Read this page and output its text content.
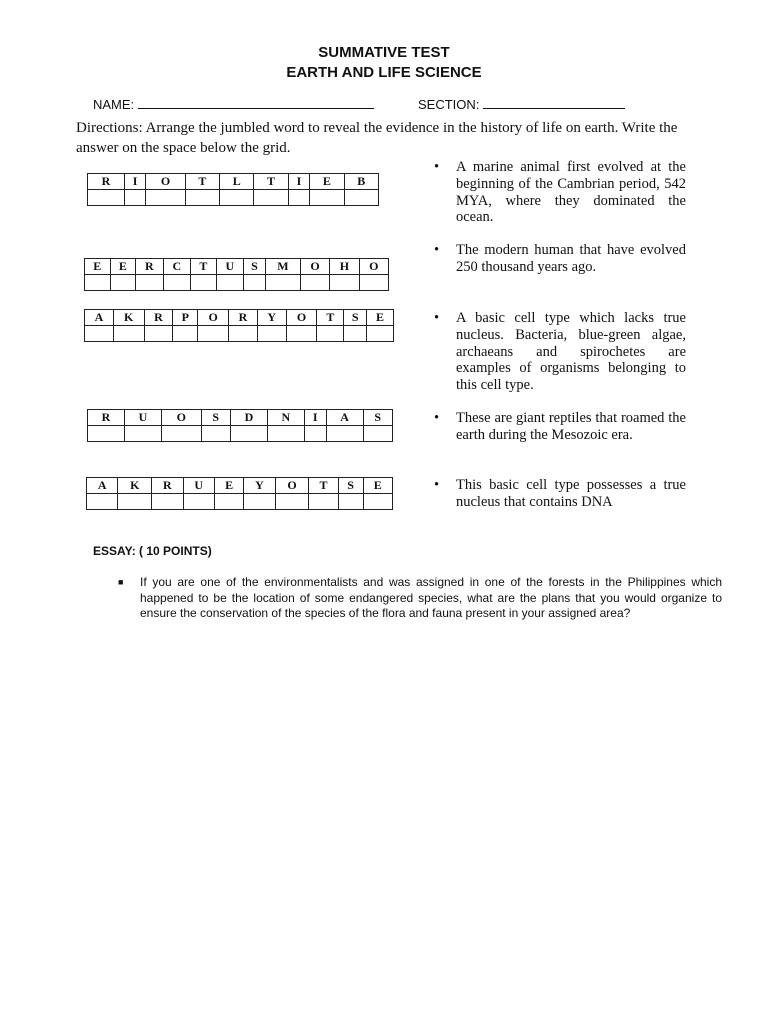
SUMMATIVE TEST
EARTH AND LIFE SCIENCE
NAME:	SECTION:
Directions: Arrange the jumbled word to reveal the evidence in the history of life on earth. Write the answer on the space below the grid.
R	I	O	T	L	T	I	E	B

• A marine animal first evolved at the beginning of the Cambrian period, 542 MYA, where they dominated the ocean.
E	E	R	C	T	U	S	M	O	H	O

• The modern human that have evolved 250 thousand years ago.
A	K	R	P	O	R	Y	O	T	S	E
											• A basic cell type which lacks true nucleus. Bacteria, blue-green algae, archaeans and spirochetes are examples of organisms belonging to this cell type.
R	U	O	S	D	N	I	A	S
									• These are giant reptiles that roamed the earth during the Mesozoic era.
A	K	R	U	E	Y	O	T	S	E
										• This basic cell type possesses a true nucleus that contains DNA
ESSAY: ( 10 POINTS)
■ If you are one of the environmentalists and was assigned in one of the forests in the Philippines which happened to be the location of some endangered species, what are the plans that you would organize to ensure the conservation of the species of the flora and fauna present in your assigned area?
